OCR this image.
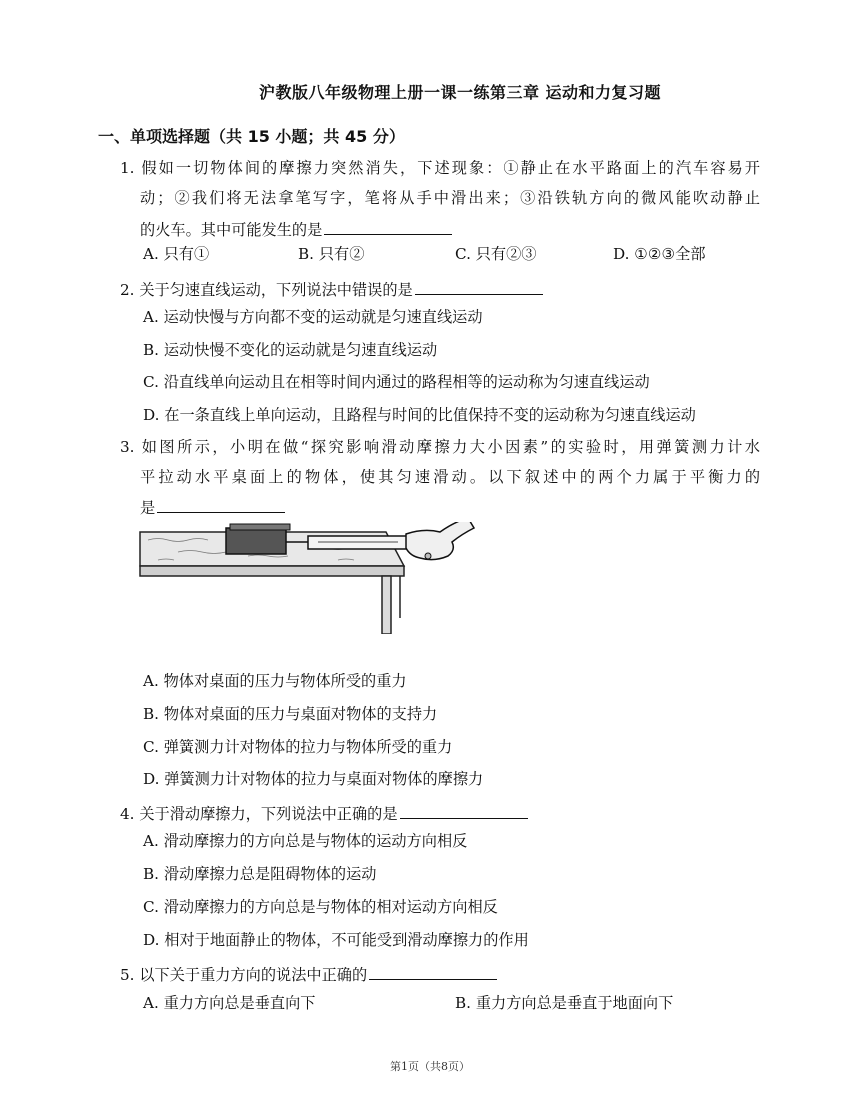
沪教版八年级物理上册一课一练第三章 运动和力复习题
一、单项选择题（共 15 小题；共 45 分）
1. 假如一切物体间的摩擦力突然消失，下述现象：①静止在水平路面上的汽车容易开
动；②我们将无法拿笔写字，笔将从手中滑出来；③沿铁轨方向的微风能吹动静止
的火车。其中可能发生的是
A. 只有①	B. 只有②	C. 只有②③	D. ①②③全部
2. 关于匀速直线运动，下列说法中错误的是
A. 运动快慢与方向都不变的运动就是匀速直线运动
B. 运动快慢不变化的运动就是匀速直线运动
C. 沿直线单向运动且在相等时间内通过的路程相等的运动称为匀速直线运动
D. 在一条直线上单向运动，且路程与时间的比值保持不变的运动称为匀速直线运动
3. 如图所示，小明在做“探究影响滑动摩擦力大小因素”的实验时，用弹簧测力计水
平拉动水平桌面上的物体，使其匀速滑动。以下叙述中的两个力属于平衡力的
是
A. 物体对桌面的压力与物体所受的重力
B. 物体对桌面的压力与桌面对物体的支持力
C. 弹簧测力计对物体的拉力与物体所受的重力
D. 弹簧测力计对物体的拉力与桌面对物体的摩擦力
4. 关于滑动摩擦力，下列说法中正确的是
A. 滑动摩擦力的方向总是与物体的运动方向相反
B. 滑动摩擦力总是阻碍物体的运动
C. 滑动摩擦力的方向总是与物体的相对运动方向相反
D. 相对于地面静止的物体，不可能受到滑动摩擦力的作用
5. 以下关于重力方向的说法中正确的
A. 重力方向总是垂直向下	B. 重力方向总是垂直于地面向下
第1页（共8页）
